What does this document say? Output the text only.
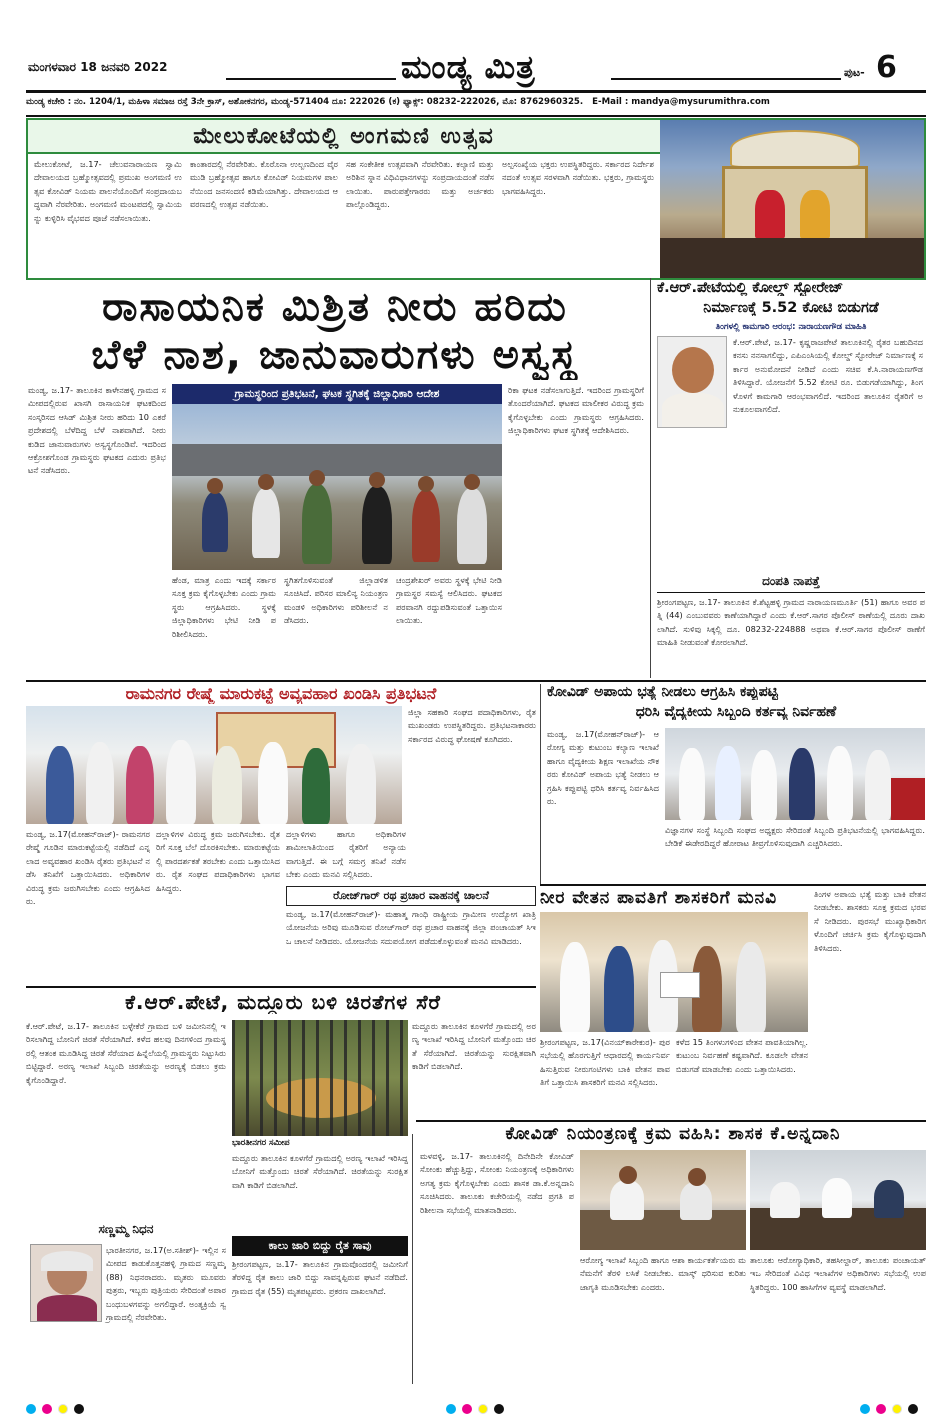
ಮಂಗಳವಾರ 18 ಜನವರಿ 2022	ಮಂಡ್ಯ ಮಿತ್ರ	ಪುಟ- 6
ಮಂಡ್ಯ ಕಚೇರಿ : ನಂ. 1204/1, ಮಹಿಳಾ ಸಮಾಜ ರಸ್ತೆ 3ನೇ ಕ್ರಾಸ್, ಅಶೋಕನಗರ, ಮಂಡ್ಯ-571404 ದೂ: 222026 (ಕ) ಫ್ಯಾಕ್ಸ್: 08232-222026, ಮೊ: 8762960325. E-Mail : mandya@mysurumithra.com
ಮೇಲುಕೋಟೆಯಲ್ಲಿ ಅಂಗಮಣಿ ಉತ್ಸವ
ಮೇಲುಕೋಟೆ, ಜ.17- ಚೆಲುವನಾರಾಯಣ ಸ್ವಾಮಿ ದೇವಾಲಯದ ಬ್ರಹ್ಮೋತ್ಸವದಲ್ಲಿ ಪ್ರಮುಖ ಅಂಗಮಣಿ ಉತ್ಸವ ಕೋವಿಡ್ ನಿಯಮ ಪಾಲನೆಯೊಂದಿಗೆ ಸಂಪ್ರದಾಯಬದ್ಧವಾಗಿ ನೆರವೇರಿತು. ಅಂಗಮಣಿ ಮಂಟಪದಲ್ಲಿ ಸ್ವಾಮಿಯನ್ನು ಕುಳ್ಳಿರಿಸಿ ವೈಭವದ ಪೂಜೆ ನಡೆಸಲಾಯಿತು.
ಕಾಂತಾರದಲ್ಲಿ ನೆರವೇರಿತು. ಕೊರೊನಾ ಉಲ್ಬಣದಿಂದ ವೈರಮುಡಿ ಬ್ರಹ್ಮೋತ್ಸವ ಹಾಗೂ ಕೋವಿಡ್ ನಿಯಮಗಳ ಪಾಲನೆಯಿಂದ ಜನಸಂದಣಿ ಕಡಿಮೆಯಾಗಿತ್ತು. ದೇವಾಲಯದ ಆವರಣದಲ್ಲಿ ಉತ್ಸವ ನಡೆಯಿತು.
ಸಹ ಸಂಕೇತೀಕ ಉತ್ಸವವಾಗಿ ನೆರವೇರಿತು. ಕಲ್ಯಾಣಿ ಮತ್ತು ಅರಿಶಿನ ಸ್ನಾನ ವಿಧಿವಿಧಾನಗಳನ್ನು ಸಂಪ್ರದಾಯದಂತೆ ನಡೆಸಲಾಯಿತು. ಪಾರುಪತ್ತೇಗಾರರು ಮತ್ತು ಅರ್ಚಕರು ಪಾಲ್ಗೊಂಡಿದ್ದರು.
ಅಲ್ಪಸಂಖ್ಯೆಯ ಭಕ್ತರು ಉಪಸ್ಥಿತರಿದ್ದರು. ಸರ್ಕಾರದ ನಿರ್ದೇಶನದಂತೆ ಉತ್ಸವ ಸರಳವಾಗಿ ನಡೆಯಿತು. ಭಕ್ತರು, ಗ್ರಾಮಸ್ಥರು ಭಾಗವಹಿಸಿದ್ದರು.
ರಾಸಾಯನಿಕ ಮಿಶ್ರಿತ ನೀರು ಹರಿದು
ಬೆಳೆ ನಾಶ, ಜಾನುವಾರುಗಳು ಅಸ್ವಸ್ಥ
ಮಂಡ್ಯ, ಜ.17- ತಾಲೂಕಿನ ಕಾಳೇನಹಳ್ಳಿ ಗ್ರಾಮದ ಸಮೀಪದಲ್ಲಿರುವ ಖಾಸಗಿ ರಾಸಾಯನಿಕ ಘಟಕದಿಂದ ಸಂಸ್ಕರಿಸದ ಆಸಿಡ್ ಮಿಶ್ರಿತ ನೀರು ಹರಿದು 10 ಎಕರೆ ಪ್ರದೇಶದಲ್ಲಿ ಬೆಳೆದಿದ್ದ ಬೆಳೆ ನಾಶವಾಗಿದೆ. ನೀರು ಕುಡಿದ ಜಾನುವಾರುಗಳು ಅಸ್ವಸ್ಥಗೊಂಡಿವೆ. ಇದರಿಂದ ಆಕ್ರೋಶಗೊಂಡ ಗ್ರಾಮಸ್ಥರು ಘಟಕದ ಎದುರು ಪ್ರತಿಭಟನೆ ನಡೆಸಿದರು.
ಗ್ರಾಮಸ್ಥರಿಂದ ಪ್ರತಿಭಟನೆ, ಘಟಕ ಸ್ಥಗಿತಕ್ಕೆ ಜಿಲ್ಲಾಧಿಕಾರಿ ಆದೇಶ
ಹೆಂಡ, ಮಾತ್ರ ಎಂದು ಇದಕ್ಕೆ ಸರ್ಕಾರ ಸೂಕ್ತ ಕ್ರಮ ಕೈಗೊಳ್ಳಬೇಕು ಎಂದು ಗ್ರಾಮಸ್ಥರು ಆಗ್ರಹಿಸಿದರು. ಸ್ಥಳಕ್ಕೆ ಜಿಲ್ಲಾಧಿಕಾರಿಗಳು ಭೇಟಿ ನೀಡಿ ಪರಿಶೀಲಿಸಿದರು.
ಸ್ಥಗಿತಗೊಳಿಸುವಂತೆ ಜಿಲ್ಲಾಡಳಿತ ಸೂಚಿಸಿದೆ. ಪರಿಸರ ಮಾಲಿನ್ಯ ನಿಯಂತ್ರಣ ಮಂಡಳಿ ಅಧಿಕಾರಿಗಳು ಪರಿಶೀಲನೆ ನಡೆಸಿದರು.
ಚಂದ್ರಶೇಖರ್ ಅವರು ಸ್ಥಳಕ್ಕೆ ಭೇಟಿ ನೀಡಿ ಗ್ರಾಮಸ್ಥರ ಸಮಸ್ಯೆ ಆಲಿಸಿದರು. ಘಟಕದ ಪರವಾನಗಿ ರದ್ದುಪಡಿಸುವಂತೆ ಒತ್ತಾಯಿಸಲಾಯಿತು.
ರಿಕಾ ಘಟಕ ನಡೆಸಲಾಗುತ್ತಿದೆ. ಇದರಿಂದ ಗ್ರಾಮಸ್ಥರಿಗೆ ತೊಂದರೆಯಾಗಿದೆ. ಘಟಕದ ಮಾಲೀಕರ ವಿರುದ್ಧ ಕ್ರಮ ಕೈಗೊಳ್ಳಬೇಕು ಎಂದು ಗ್ರಾಮಸ್ಥರು ಆಗ್ರಹಿಸಿದರು. ಜಿಲ್ಲಾಧಿಕಾರಿಗಳು ಘಟಕ ಸ್ಥಗಿತಕ್ಕೆ ಆದೇಶಿಸಿದರು.
ಕೆ.ಆರ್.ಪೇಟೆಯಲ್ಲಿ ಕೋಲ್ಡ್ ಸ್ಟೋರೇಜ್
ನಿರ್ಮಾಣಕ್ಕೆ 5.52 ಕೋಟಿ ಬಿಡುಗಡೆ
ತಿಂಗಳಲ್ಲಿ ಕಾಮಗಾರಿ ಆರಂಭ: ನಾರಾಯಣಗೌಡ ಮಾಹಿತಿ
ಕೆ.ಆರ್.ಪೇಟೆ, ಜ.17- ಕೃಷ್ಣರಾಜಪೇಟೆ ತಾಲೂಕಿನಲ್ಲಿ ರೈತರ ಬಹುದಿನದ ಕನಸು ನನಸಾಗಲಿದ್ದು, ಎಪಿಎಂಸಿಯಲ್ಲಿ ಕೋಲ್ಡ್ ಸ್ಟೋರೇಜ್ ನಿರ್ಮಾಣಕ್ಕೆ ಸರ್ಕಾರ ಅನುಮೋದನೆ ನೀಡಿದೆ ಎಂದು ಸಚಿವ ಕೆ.ಸಿ.ನಾರಾಯಣಗೌಡ ತಿಳಿಸಿದ್ದಾರೆ. ಯೋಜನೆಗೆ 5.52 ಕೋಟಿ ರೂ. ಬಿಡುಗಡೆಯಾಗಿದ್ದು, ತಿಂಗಳೊಳಗೆ ಕಾಮಗಾರಿ ಆರಂಭವಾಗಲಿದೆ. ಇದರಿಂದ ತಾಲೂಕಿನ ರೈತರಿಗೆ ಅನುಕೂಲವಾಗಲಿದೆ.
ದಂಪತಿ ನಾಪತ್ತೆ
ಶ್ರೀರಂಗಪಟ್ಟಣ, ಜ.17- ತಾಲೂಕಿನ ಕೆ.ಶೆಟ್ಟಹಳ್ಳಿ ಗ್ರಾಮದ ನಾರಾಯಣಮೂರ್ತಿ (51) ಹಾಗೂ ಅವರ ಪತ್ನಿ (44) ಎಂಬುವವರು ಕಾಣೆಯಾಗಿದ್ದಾರೆ ಎಂದು ಕೆ.ಆರ್.ಸಾಗರ ಪೊಲೀಸ್ ಠಾಣೆಯಲ್ಲಿ ದೂರು ದಾಖಲಾಗಿದೆ. ಸುಳಿವು ಸಿಕ್ಕಲ್ಲಿ ದೂ. 08232-224888 ಅಥವಾ ಕೆ.ಆರ್.ಸಾಗರ ಪೊಲೀಸ್ ಠಾಣೆಗೆ ಮಾಹಿತಿ ನೀಡುವಂತೆ ಕೋರಲಾಗಿದೆ.
ರಾಮನಗರ ರೇಷ್ಮೆ ಮಾರುಕಟ್ಟೆ ಅವ್ಯವಹಾರ ಖಂಡಿಸಿ ಪ್ರತಿಭಟನೆ
ಮಂಡ್ಯ, ಜ.17(ಮೋಹನ್‌ರಾಜ್)- ರಾಮನಗರ ರೇಷ್ಮೆ ಗೂಡಿನ ಮಾರುಕಟ್ಟೆಯಲ್ಲಿ ನಡೆದಿದೆ ಎನ್ನಲಾದ ಅವ್ಯವಹಾರ ಖಂಡಿಸಿ ರೈತರು ಪ್ರತಿಭಟನೆ ನಡೆಸಿ ತನಿಖೆಗೆ ಒತ್ತಾಯಿಸಿದರು. ಅಧಿಕಾರಿಗಳ ವಿರುದ್ಧ ಕ್ರಮ ಜರುಗಿಸಬೇಕು ಎಂದು ಆಗ್ರಹಿಸಿದರು.
ದಲ್ಲಾಳಿಗಳ ವಿರುದ್ಧ ಕ್ರಮ ಜರುಗಿಸಬೇಕು. ರೈತರಿಗೆ ಸೂಕ್ತ ಬೆಲೆ ದೊರಕಿಸಬೇಕು. ಮಾರುಕಟ್ಟೆಯಲ್ಲಿ ಪಾರದರ್ಶಕತೆ ತರಬೇಕು ಎಂದು ಒತ್ತಾಯಿಸಿದರು. ರೈತ ಸಂಘದ ಪದಾಧಿಕಾರಿಗಳು ಭಾಗವಹಿಸಿದ್ದರು.
ದಲ್ಲಾಳಿಗಳು ಹಾಗೂ ಅಧಿಕಾರಿಗಳ ಶಾಮೀಲಾತಿಯಿಂದ ರೈತರಿಗೆ ಅನ್ಯಾಯವಾಗುತ್ತಿದೆ. ಈ ಬಗ್ಗೆ ಸಮಗ್ರ ತನಿಖೆ ನಡೆಸಬೇಕು ಎಂದು ಮನವಿ ಸಲ್ಲಿಸಿದರು.
ಜಿಲ್ಲಾ ಸಹಕಾರಿ ಸಂಘದ ಪದಾಧಿಕಾರಿಗಳು, ರೈತ ಮುಖಂಡರು ಉಪಸ್ಥಿತರಿದ್ದರು. ಪ್ರತಿಭಟನಾಕಾರರು ಸರ್ಕಾರದ ವಿರುದ್ಧ ಘೋಷಣೆ ಕೂಗಿದರು.
ರೋಜ್‌ಗಾರ್ ರಥ ಪ್ರಚಾರ ವಾಹನಕ್ಕೆ ಚಾಲನೆ
ಮಂಡ್ಯ, ಜ.17(ಮೋಹನ್‌ರಾಜ್)- ಮಹಾತ್ಮ ಗಾಂಧಿ ರಾಷ್ಟ್ರೀಯ ಗ್ರಾಮೀಣ ಉದ್ಯೋಗ ಖಾತ್ರಿ ಯೋಜನೆಯ ಅರಿವು ಮೂಡಿಸುವ ರೋಜ್‌ಗಾರ್ ರಥ ಪ್ರಚಾರ ವಾಹನಕ್ಕೆ ಜಿಲ್ಲಾ ಪಂಚಾಯತ್ ಸಿಇಒ ಚಾಲನೆ ನೀಡಿದರು. ಯೋಜನೆಯ ಸದುಪಯೋಗ ಪಡೆದುಕೊಳ್ಳುವಂತೆ ಮನವಿ ಮಾಡಿದರು.
ಕೋವಿಡ್ ಅಪಾಯ ಭತ್ಯೆ ನೀಡಲು ಆಗ್ರಹಿಸಿ ಕಪ್ಪುಪಟ್ಟಿ
ಧರಿಸಿ ವೈದ್ಯಕೀಯ ಸಿಬ್ಬಂದಿ ಕರ್ತವ್ಯ ನಿರ್ವಹಣೆ
ಮಂಡ್ಯ, ಜ.17(ಮೋಹನ್‌ರಾಜ್)- ಆರೋಗ್ಯ ಮತ್ತು ಕುಟುಂಬ ಕಲ್ಯಾಣ ಇಲಾಖೆ ಹಾಗೂ ವೈದ್ಯಕೀಯ ಶಿಕ್ಷಣ ಇಲಾಖೆಯ ನೌಕರರು ಕೋವಿಡ್ ಅಪಾಯ ಭತ್ಯೆ ನೀಡಲು ಆಗ್ರಹಿಸಿ ಕಪ್ಪುಪಟ್ಟಿ ಧರಿಸಿ ಕರ್ತವ್ಯ ನಿರ್ವಹಿಸಿದರು.
ವಿಜ್ಞಾನಗಳ ಸಂಸ್ಥೆ ಸಿಬ್ಬಂದಿ ಸಂಘದ ಅಧ್ಯಕ್ಷರು ಸೇರಿದಂತೆ ಸಿಬ್ಬಂದಿ ಪ್ರತಿಭಟನೆಯಲ್ಲಿ ಭಾಗವಹಿಸಿದ್ದರು. ಬೇಡಿಕೆ ಈಡೇರದಿದ್ದರೆ ಹೋರಾಟ ತೀವ್ರಗೊಳಿಸುವುದಾಗಿ ಎಚ್ಚರಿಸಿದರು.
ನೀರ ವೇತನ ಪಾವತಿಗೆ ಶಾಸಕರಿಗೆ ಮನವಿ	ತಿಂಗಳ ಅಪಾಯ ಭತ್ಯೆ ಮತ್ತು ಬಾಕಿ ವೇತನ ನೀಡಬೇಕು. ಶಾಸಕರು ಸೂಕ್ತ ಕ್ರಮದ ಭರವಸೆ ನೀಡಿದರು. ಪುರಸಭೆ ಮುಖ್ಯಾಧಿಕಾರಿಗಳೊಂದಿಗೆ ಚರ್ಚಿಸಿ ಕ್ರಮ ಕೈಗೊಳ್ಳುವುದಾಗಿ ತಿಳಿಸಿದರು.
ಶ್ರೀರಂಗಪಟ್ಟಣ, ಜ.17(ವಿನಯ್‌ಕಾರೇಕುರ)- ಪುರಸಭೆಯಲ್ಲಿ ಹೊರಗುತ್ತಿಗೆ ಆಧಾರದಲ್ಲಿ ಕಾರ್ಯನಿರ್ವಹಿಸುತ್ತಿರುವ ನೀರುಗಂಟಿಗಳು ಬಾಕಿ ವೇತನ ಪಾವತಿಗೆ ಒತ್ತಾಯಿಸಿ ಶಾಸಕರಿಗೆ ಮನವಿ ಸಲ್ಲಿಸಿದರು.
ಕಳೆದ 15 ತಿಂಗಳುಗಳಿಂದ ವೇತನ ಪಾವತಿಯಾಗಿಲ್ಲ. ಕುಟುಂಬ ನಿರ್ವಹಣೆ ಕಷ್ಟವಾಗಿದೆ. ಕೂಡಲೇ ವೇತನ ಬಿಡುಗಡೆ ಮಾಡಬೇಕು ಎಂದು ಒತ್ತಾಯಿಸಿದರು.
ಕೆ.ಆರ್.ಪೇಟೆ, ಮದ್ದೂರು ಬಳಿ ಚಿರತೆಗಳ ಸೆರೆ
ಕೆ.ಆರ್.ಪೇಟೆ, ಜ.17- ತಾಲೂಕಿನ ಬಳ್ಳೇಕೆರೆ ಗ್ರಾಮದ ಬಳಿ ಜಮೀನಿನಲ್ಲಿ ಇರಿಸಲಾಗಿದ್ದ ಬೋನಿಗೆ ಚಿರತೆ ಸೆರೆಯಾಗಿದೆ. ಕಳೆದ ಹಲವು ದಿನಗಳಿಂದ ಗ್ರಾಮಸ್ಥರಲ್ಲಿ ಆತಂಕ ಮೂಡಿಸಿದ್ದ ಚಿರತೆ ಸೆರೆಯಾದ ಹಿನ್ನೆಲೆಯಲ್ಲಿ ಗ್ರಾಮಸ್ಥರು ನಿಟ್ಟುಸಿರು ಬಿಟ್ಟಿದ್ದಾರೆ. ಅರಣ್ಯ ಇಲಾಖೆ ಸಿಬ್ಬಂದಿ ಚಿರತೆಯನ್ನು ಅರಣ್ಯಕ್ಕೆ ಬಿಡಲು ಕ್ರಮ ಕೈಗೊಂಡಿದ್ದಾರೆ.
ಭಾರತೀನಗರ ಸಮೀಪ
ಮದ್ದೂರು ತಾಲೂಕಿನ ಕೂಳಗೆರೆ ಗ್ರಾಮದಲ್ಲಿ ಅರಣ್ಯ ಇಲಾಖೆ ಇರಿಸಿದ್ದ ಬೋನಿಗೆ ಮತ್ತೊಂದು ಚಿರತೆ ಸೆರೆಯಾಗಿದೆ. ಚಿರತೆಯನ್ನು ಸುರಕ್ಷಿತವಾಗಿ ಕಾಡಿಗೆ ಬಿಡಲಾಗಿದೆ.
ಸಣ್ಣಮ್ಮ ನಿಧನ
ಭಾರತೀನಗರ, ಜ.17(ಅ.ಸತೀಶ್)- ಇಲ್ಲಿನ ಸಮೀಪದ ಕಾಡುಕೊತ್ತನಹಳ್ಳಿ ಗ್ರಾಮದ ಸಣ್ಣಮ್ಮ (88) ನಿಧನರಾದರು. ಮೃತರು ಮೂವರು ಪುತ್ರರು, ಇಬ್ಬರು ಪುತ್ರಿಯರು ಸೇರಿದಂತೆ ಅಪಾರ ಬಂಧುಬಳಗವನ್ನು ಅಗಲಿದ್ದಾರೆ. ಅಂತ್ಯಕ್ರಿಯೆ ಸ್ವಗ್ರಾಮದಲ್ಲಿ ನೆರವೇರಿತು.
ಕಾಲು ಜಾರಿ ಬಿದ್ದು ರೈತ ಸಾವು
ಶ್ರೀರಂಗಪಟ್ಟಣ, ಜ.17- ತಾಲೂಕಿನ ಗ್ರಾಮವೊಂದರಲ್ಲಿ ಜಮೀನಿಗೆ ತೆರಳಿದ್ದ ರೈತ ಕಾಲು ಜಾರಿ ಬಿದ್ದು ಸಾವನ್ನಪ್ಪಿರುವ ಘಟನೆ ನಡೆದಿದೆ. ಗ್ರಾಮದ ರೈತ (55) ಮೃತಪಟ್ಟವರು. ಪ್ರಕರಣ ದಾಖಲಾಗಿದೆ.
ಮದ್ದೂರು ತಾಲೂಕಿನ ಕೂಳಗೆರೆ ಗ್ರಾಮದಲ್ಲಿ ಅರಣ್ಯ ಇಲಾಖೆ ಇರಿಸಿದ್ದ ಬೋನಿಗೆ ಮತ್ತೊಂದು ಚಿರತೆ ಸೆರೆಯಾಗಿದೆ. ಚಿರತೆಯನ್ನು ಸುರಕ್ಷಿತವಾಗಿ ಕಾಡಿಗೆ ಬಿಡಲಾಗಿದೆ.
ಕೋವಿಡ್ ನಿಯಂತ್ರಣಕ್ಕೆ ಕ್ರಮ ವಹಿಸಿ: ಶಾಸಕ ಕೆ.ಅನ್ನದಾನಿ
ಮಳವಳ್ಳಿ, ಜ.17- ತಾಲೂಕಿನಲ್ಲಿ ದಿನೇದಿನೇ ಕೋವಿಡ್ ಸೋಂಕು ಹೆಚ್ಚುತ್ತಿದ್ದು, ಸೋಂಕು ನಿಯಂತ್ರಣಕ್ಕೆ ಅಧಿಕಾರಿಗಳು ಅಗತ್ಯ ಕ್ರಮ ಕೈಗೊಳ್ಳಬೇಕು ಎಂದು ಶಾಸಕ ಡಾ.ಕೆ.ಅನ್ನದಾನಿ ಸೂಚಿಸಿದರು. ತಾಲೂಕು ಕಚೇರಿಯಲ್ಲಿ ನಡೆದ ಪ್ರಗತಿ ಪರಿಶೀಲನಾ ಸಭೆಯಲ್ಲಿ ಮಾತನಾಡಿದರು.
ಆರೋಗ್ಯ ಇಲಾಖೆ ಸಿಬ್ಬಂದಿ ಹಾಗೂ ಆಶಾ ಕಾರ್ಯಕರ್ತೆಯರು ಮನೆಮನೆಗೆ ತೆರಳಿ ಲಸಿಕೆ ನೀಡಬೇಕು. ಮಾಸ್ಕ್ ಧರಿಸುವ ಕುರಿತು ಜಾಗೃತಿ ಮೂಡಿಸಬೇಕು ಎಂದರು.
ತಾಲೂಕು ಆರೋಗ್ಯಾಧಿಕಾರಿ, ತಹಸೀಲ್ದಾರ್, ತಾಲೂಕು ಪಂಚಾಯತ್ ಇಒ ಸೇರಿದಂತೆ ವಿವಿಧ ಇಲಾಖೆಗಳ ಅಧಿಕಾರಿಗಳು ಸಭೆಯಲ್ಲಿ ಉಪಸ್ಥಿತರಿದ್ದರು. 100 ಹಾಸಿಗೆಗಳ ವ್ಯವಸ್ಥೆ ಮಾಡಲಾಗಿದೆ.
